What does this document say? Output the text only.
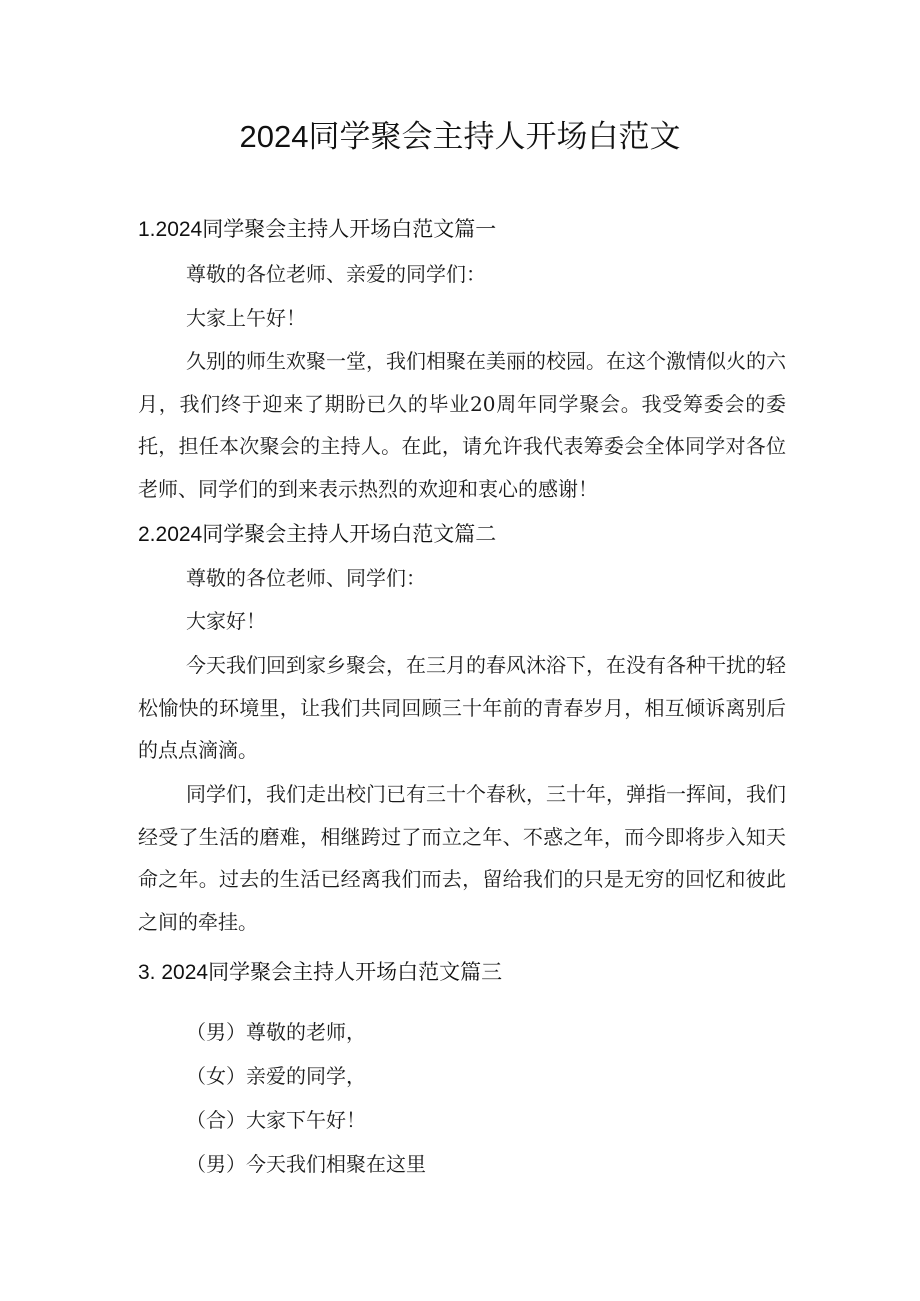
2024同学聚会主持人开场白范文
1.2024同学聚会主持人开场白范文篇一

尊敬的各位老师、亲爱的同学们：

大家上午好！

久别的师生欢聚一堂，我们相聚在美丽的校园。在这个激情似火的六月，我们终于迎来了期盼已久的毕业20周年同学聚会。我受筹委会的委托，担任本次聚会的主持人。在此，请允许我代表筹委会全体同学对各位老师、同学们的到来表示热烈的欢迎和衷心的感谢！

2.2024同学聚会主持人开场白范文篇二

尊敬的各位老师、同学们：

大家好！

今天我们回到家乡聚会，在三月的春风沐浴下，在没有各种干扰的轻松愉快的环境里，让我们共同回顾三十年前的青春岁月，相互倾诉离别后的点点滴滴。

同学们，我们走出校门已有三十个春秋，三十年，弹指一挥间，我们经受了生活的磨难，相继跨过了而立之年、不惑之年，而今即将步入知天命之年。过去的生活已经离我们而去，留给我们的只是无穷的回忆和彼此之间的牵挂。

3. 2024同学聚会主持人开场白范文篇三

（男）尊敬的老师，

（女）亲爱的同学，

（合）大家下午好！

（男）今天我们相聚在这里
